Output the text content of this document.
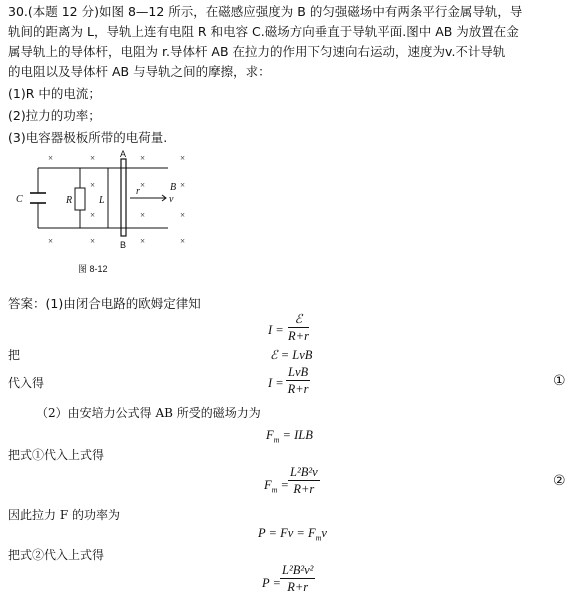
30.(本题 12 分)如图 8—12 所示，在磁感应强度为 B 的匀强磁场中有两条平行金属导轨，导
轨间的距离为 L，导轨上连有电阻 R 和电容 C.磁场方向垂直于导轨平面.图中 AB 为放置在金
属导轨上的导体杆，电阻为 r.导体杆 AB 在拉力的作用下匀速向右运动，速度为v.不计导轨
的电阻以及导体杆 AB 与导轨之间的摩擦，求：
(1)R 中的电流；
(2)拉力的功率；
(3)电容器极板所带的电荷量.
×	×	×	×
×	×	×
×	×	×
×	×	×	×
C	R	L
r
v
B
A
B
图 8-12
答案：(1)由闭合电路的欧姆定律知
I =
ℰ
R+r
把	ℰ = LvB
代入得	I =
LvB
R+r	①
（2）由安培力公式得 AB 所受的磁场力为
$F_m$ = ILB
把式①代入上式得
$F_m$ =
L²B²v
R+r	②
因此拉力 F 的功率为
$P = Fv = F_mv$
把式②代入上式得
P =
L²B²v²
R+r
